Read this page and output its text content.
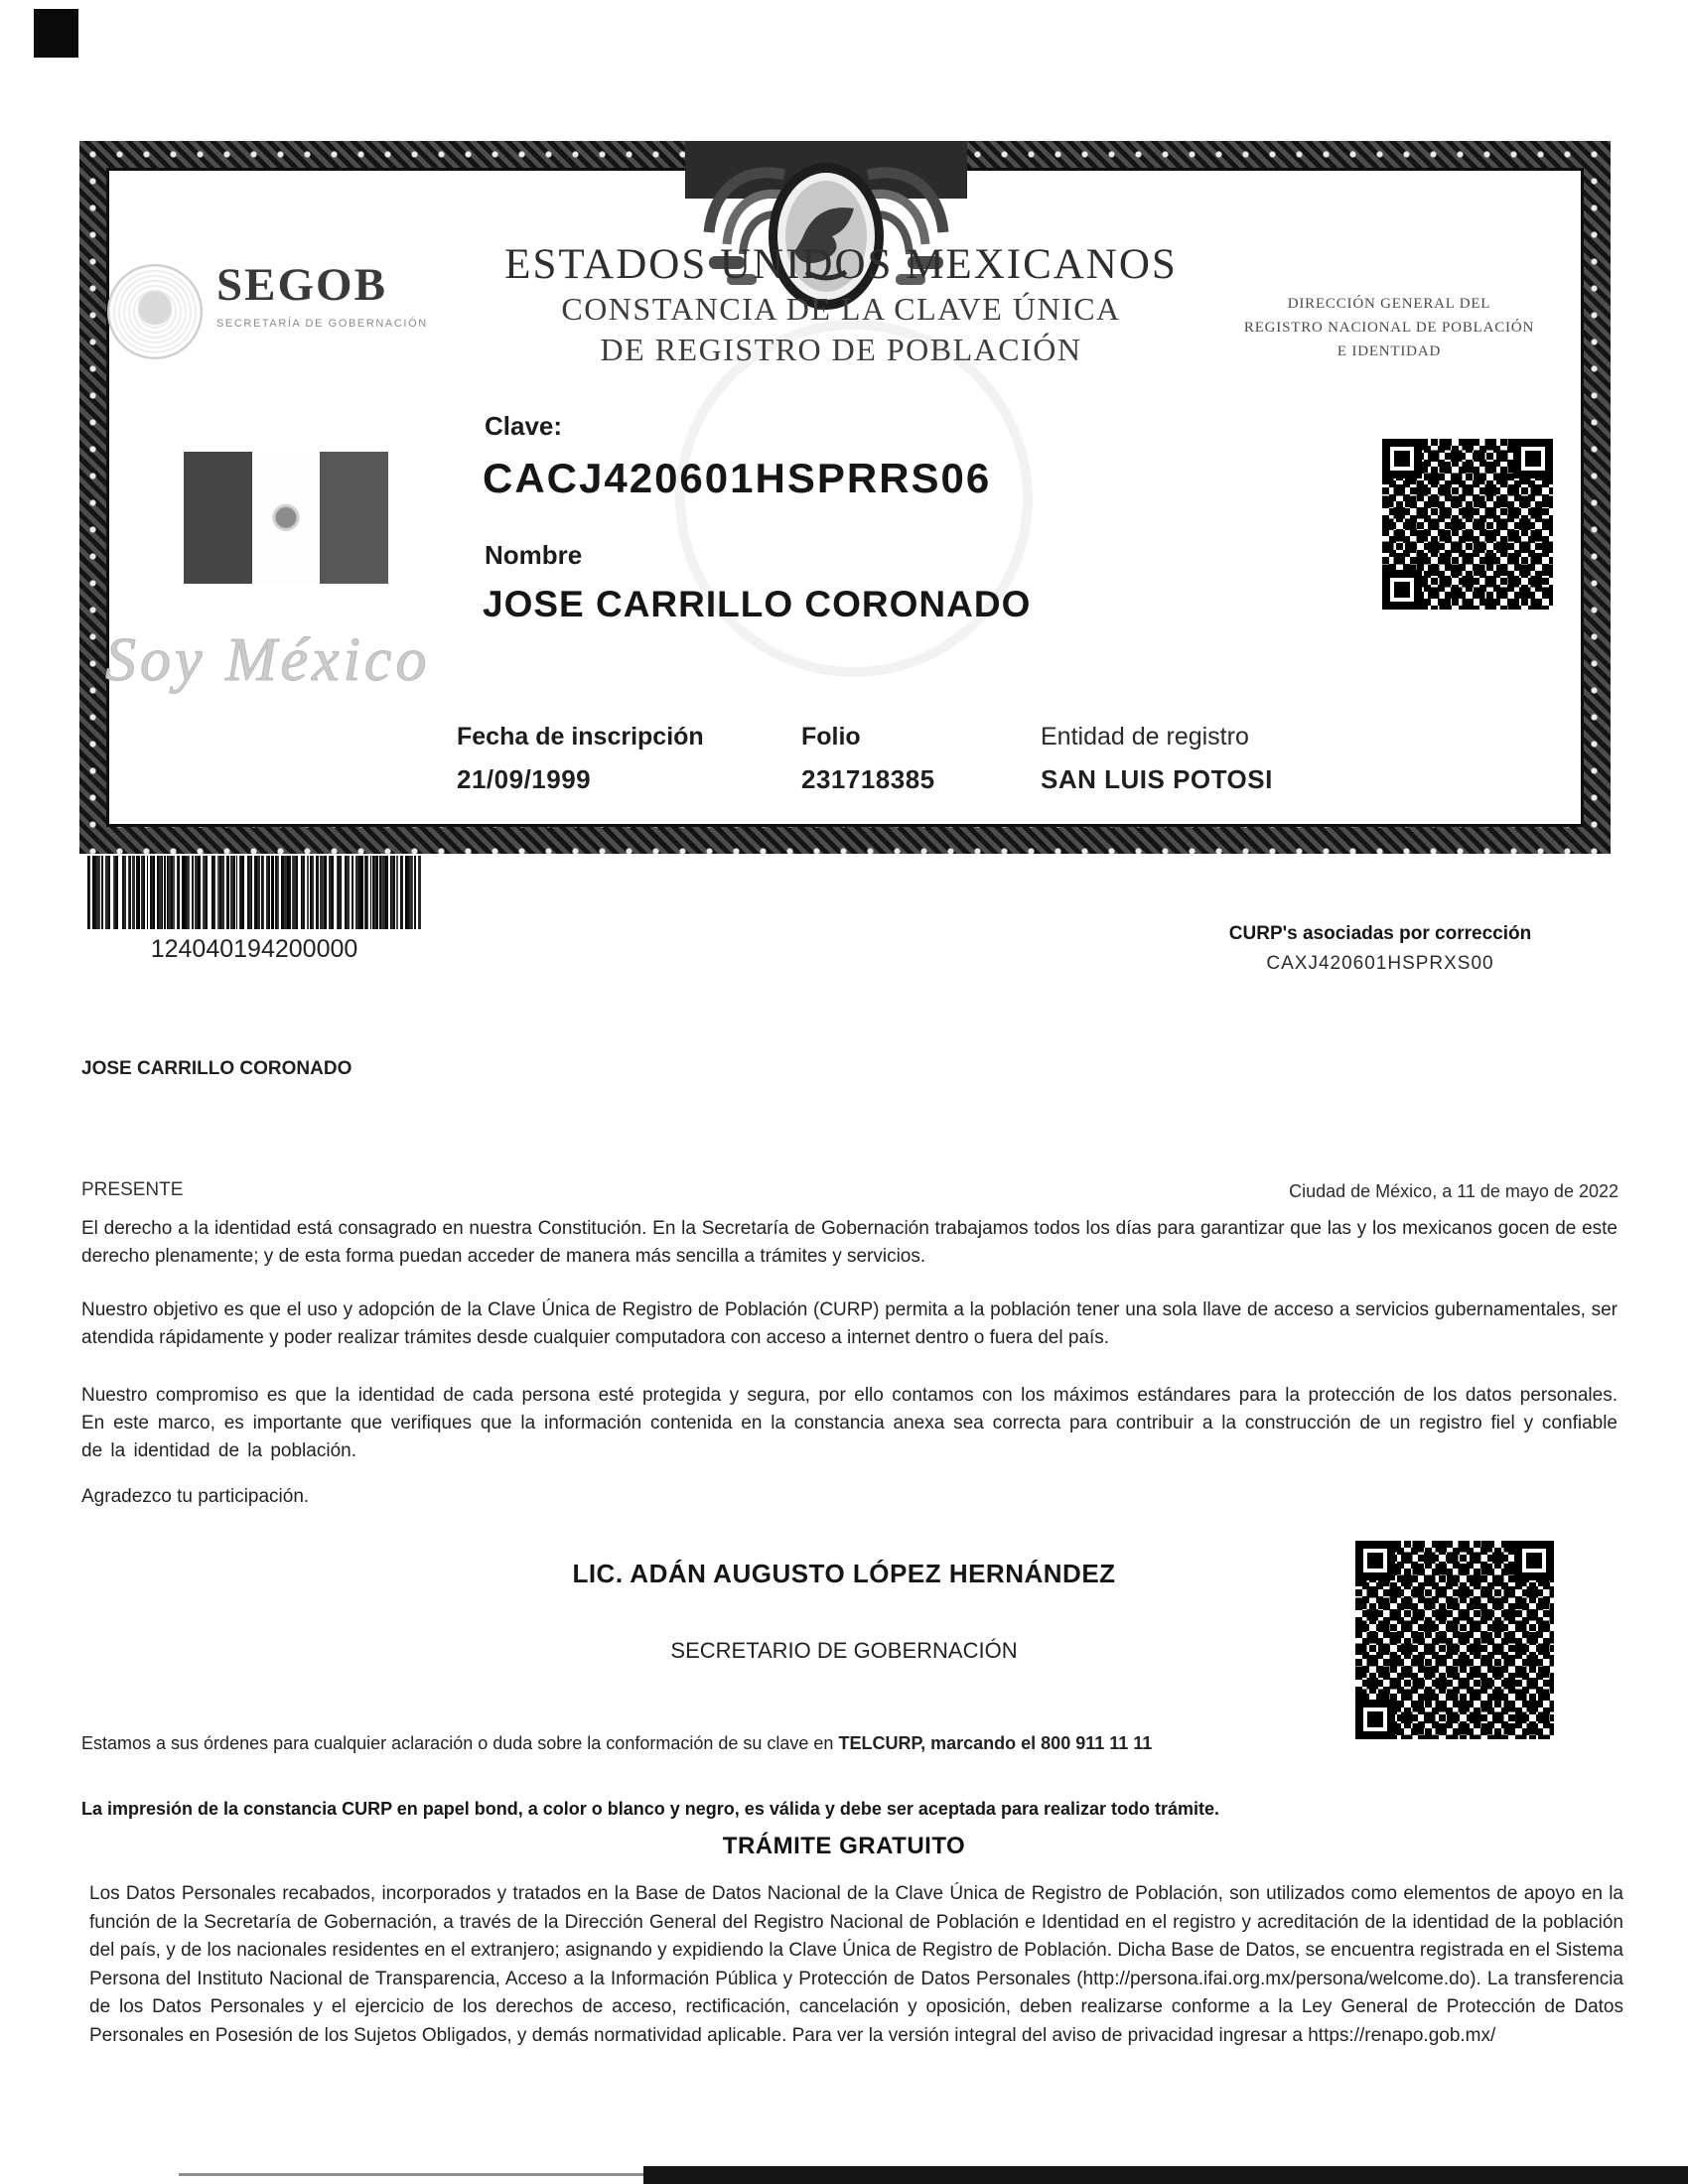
SEGOB
SECRETARÍA DE GOBERNACIÓN
ESTADOS UNIDOS MEXICANOS
CONSTANCIA DE LA CLAVE ÚNICA
DE REGISTRO DE POBLACIÓN
DIRECCIÓN GENERAL DEL
REGISTRO NACIONAL DE POBLACIÓN
E IDENTIDAD
Soy México
Clave:
CACJ420601HSPRRS06
Nombre
JOSE CARRILLO CORONADO
Fecha de inscripción
21/09/1999
Folio
231718385
Entidad de registro
SAN LUIS POTOSI
124040194200000
CURP's asociadas por corrección
CAXJ420601HSPRXS00
JOSE CARRILLO CORONADO
PRESENTE	Ciudad de México, a 11 de mayo de 2022
El derecho a la identidad está consagrado en nuestra Constitución. En la Secretaría de Gobernación trabajamos todos los días para garantizar que las y los mexicanos gocen de este derecho plenamente; y de esta forma puedan acceder de manera más sencilla a trámites y servicios.
Nuestro objetivo es que el uso y adopción de la Clave Única de Registro de Población (CURP) permita a la población tener una sola llave de acceso a servicios gubernamentales, ser atendida rápidamente y poder realizar trámites desde cualquier computadora con acceso a internet dentro o fuera del país.
Nuestro compromiso es que la identidad de cada persona esté protegida y segura, por ello contamos con los máximos estándares para la protección de los datos personales. En este marco, es importante que verifiques que la información contenida en la constancia anexa sea correcta para contribuir a la construcción de un registro fiel y confiable de la identidad de la población.
Agradezco tu participación.
LIC. ADÁN AUGUSTO LÓPEZ HERNÁNDEZ
SECRETARIO DE GOBERNACIÓN
Estamos a sus órdenes para cualquier aclaración o duda sobre la conformación de su clave en TELCURP, marcando el 800 911 11 11
La impresión de la constancia CURP en papel bond, a color o blanco y negro, es válida y debe ser aceptada para realizar todo trámite.
TRÁMITE GRATUITO
Los Datos Personales recabados, incorporados y tratados en la Base de Datos Nacional de la Clave Única de Registro de Población, son utilizados como elementos de apoyo en la función de la Secretaría de Gobernación, a través de la Dirección General del Registro Nacional de Población e Identidad en el registro y acreditación de la identidad de la población del país, y de los nacionales residentes en el extranjero; asignando y expidiendo la Clave Única de Registro de Población. Dicha Base de Datos, se encuentra registrada en el Sistema Persona del Instituto Nacional de Transparencia, Acceso a la Información Pública y Protección de Datos Personales (http://persona.ifai.org.mx/persona/welcome.do). La transferencia de los Datos Personales y el ejercicio de los derechos de acceso, rectificación, cancelación y oposición, deben realizarse conforme a la Ley General de Protección de Datos Personales en Posesión de los Sujetos Obligados, y demás normatividad aplicable. Para ver la versión integral del aviso de privacidad ingresar a https://renapo.gob.mx/
